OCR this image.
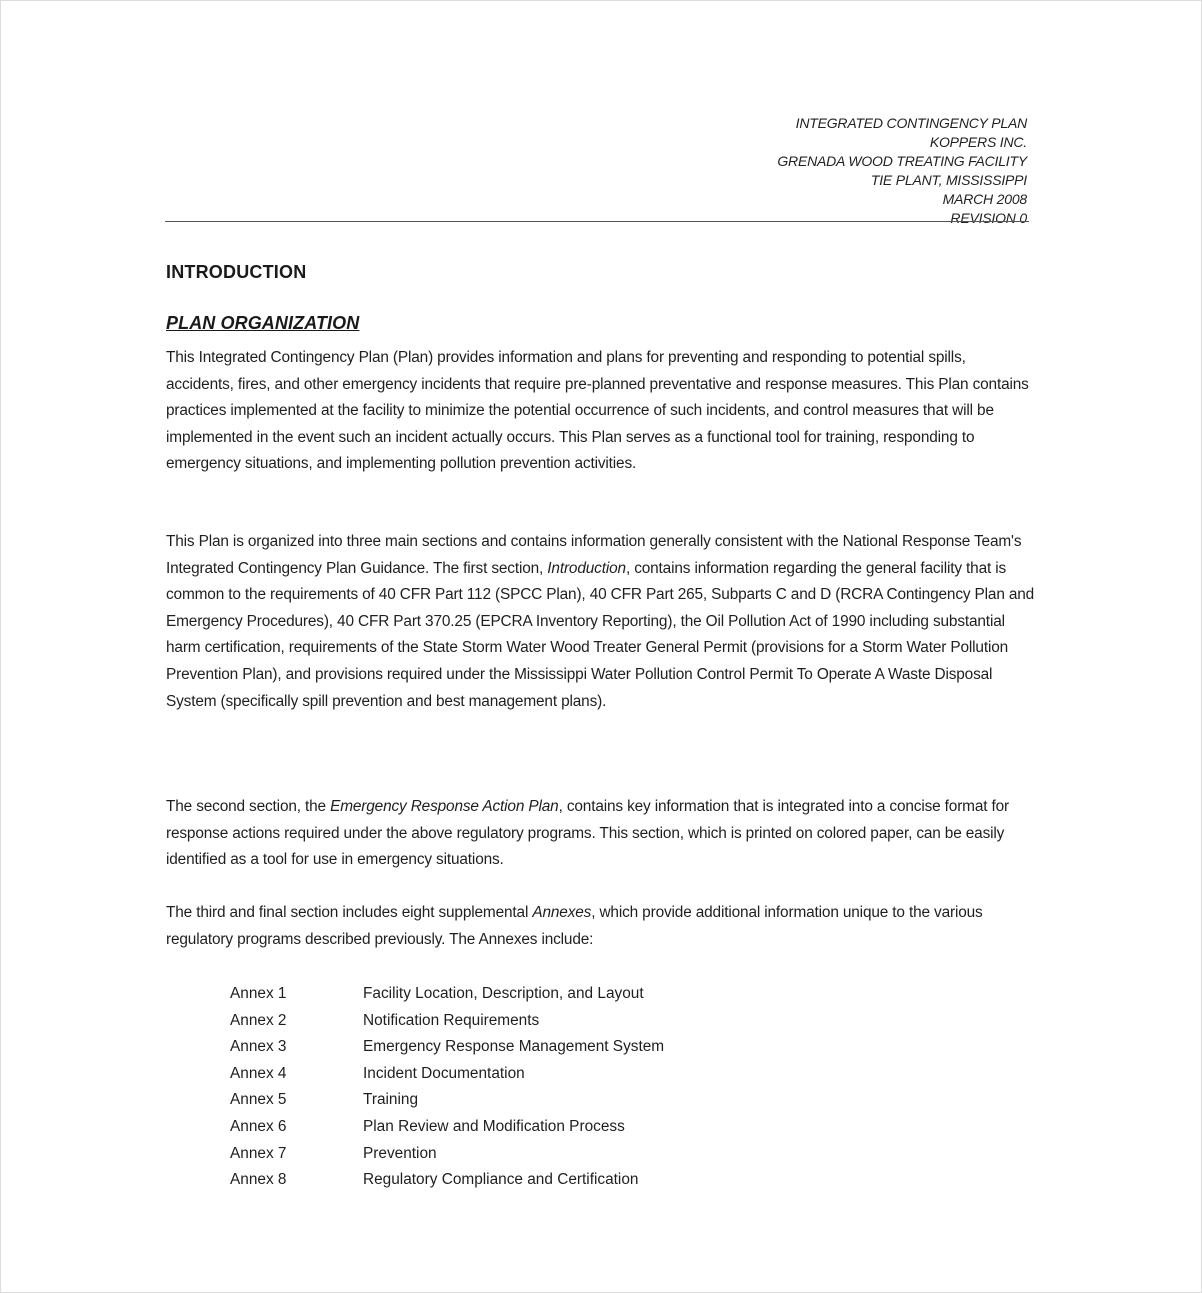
INTEGRATED CONTINGENCY PLAN
KOPPERS INC.
GRENADA WOOD TREATING FACILITY
TIE PLANT, MISSISSIPPI
MARCH 2008
REVISION 0
INTRODUCTION
PLAN ORGANIZATION

This Integrated Contingency Plan (Plan) provides information and plans for preventing and responding to potential spills, accidents, fires, and other emergency incidents that require pre-planned preventative and response measures. This Plan contains practices implemented at the facility to minimize the potential occurrence of such incidents, and control measures that will be implemented in the event such an incident actually occurs. This Plan serves as a functional tool for training, responding to emergency situations, and implementing pollution prevention activities.

This Plan is organized into three main sections and contains information generally consistent with the National Response Team's Integrated Contingency Plan Guidance. The first section, Introduction, contains information regarding the general facility that is common to the requirements of 40 CFR Part 112 (SPCC Plan), 40 CFR Part 265, Subparts C and D (RCRA Contingency Plan and Emergency Procedures), 40 CFR Part 370.25 (EPCRA Inventory Reporting), the Oil Pollution Act of 1990 including substantial harm certification, requirements of the State Storm Water Wood Treater General Permit (provisions for a Storm Water Pollution Prevention Plan), and provisions required under the Mississippi Water Pollution Control Permit To Operate A Waste Disposal System (specifically spill prevention and best management plans).

The second section, the Emergency Response Action Plan, contains key information that is integrated into a concise format for response actions required under the above regulatory programs. This section, which is printed on colored paper, can be easily identified as a tool for use in emergency situations.

The third and final section includes eight supplemental Annexes, which provide additional information unique to the various regulatory programs described previously. The Annexes include:

Annex 1	Facility Location, Description, and Layout
Annex 2	Notification Requirements
Annex 3	Emergency Response Management System
Annex 4	Incident Documentation
Annex 5	Training
Annex 6	Plan Review and Modification Process
Annex 7	Prevention
Annex 8	Regulatory Compliance and Certification
